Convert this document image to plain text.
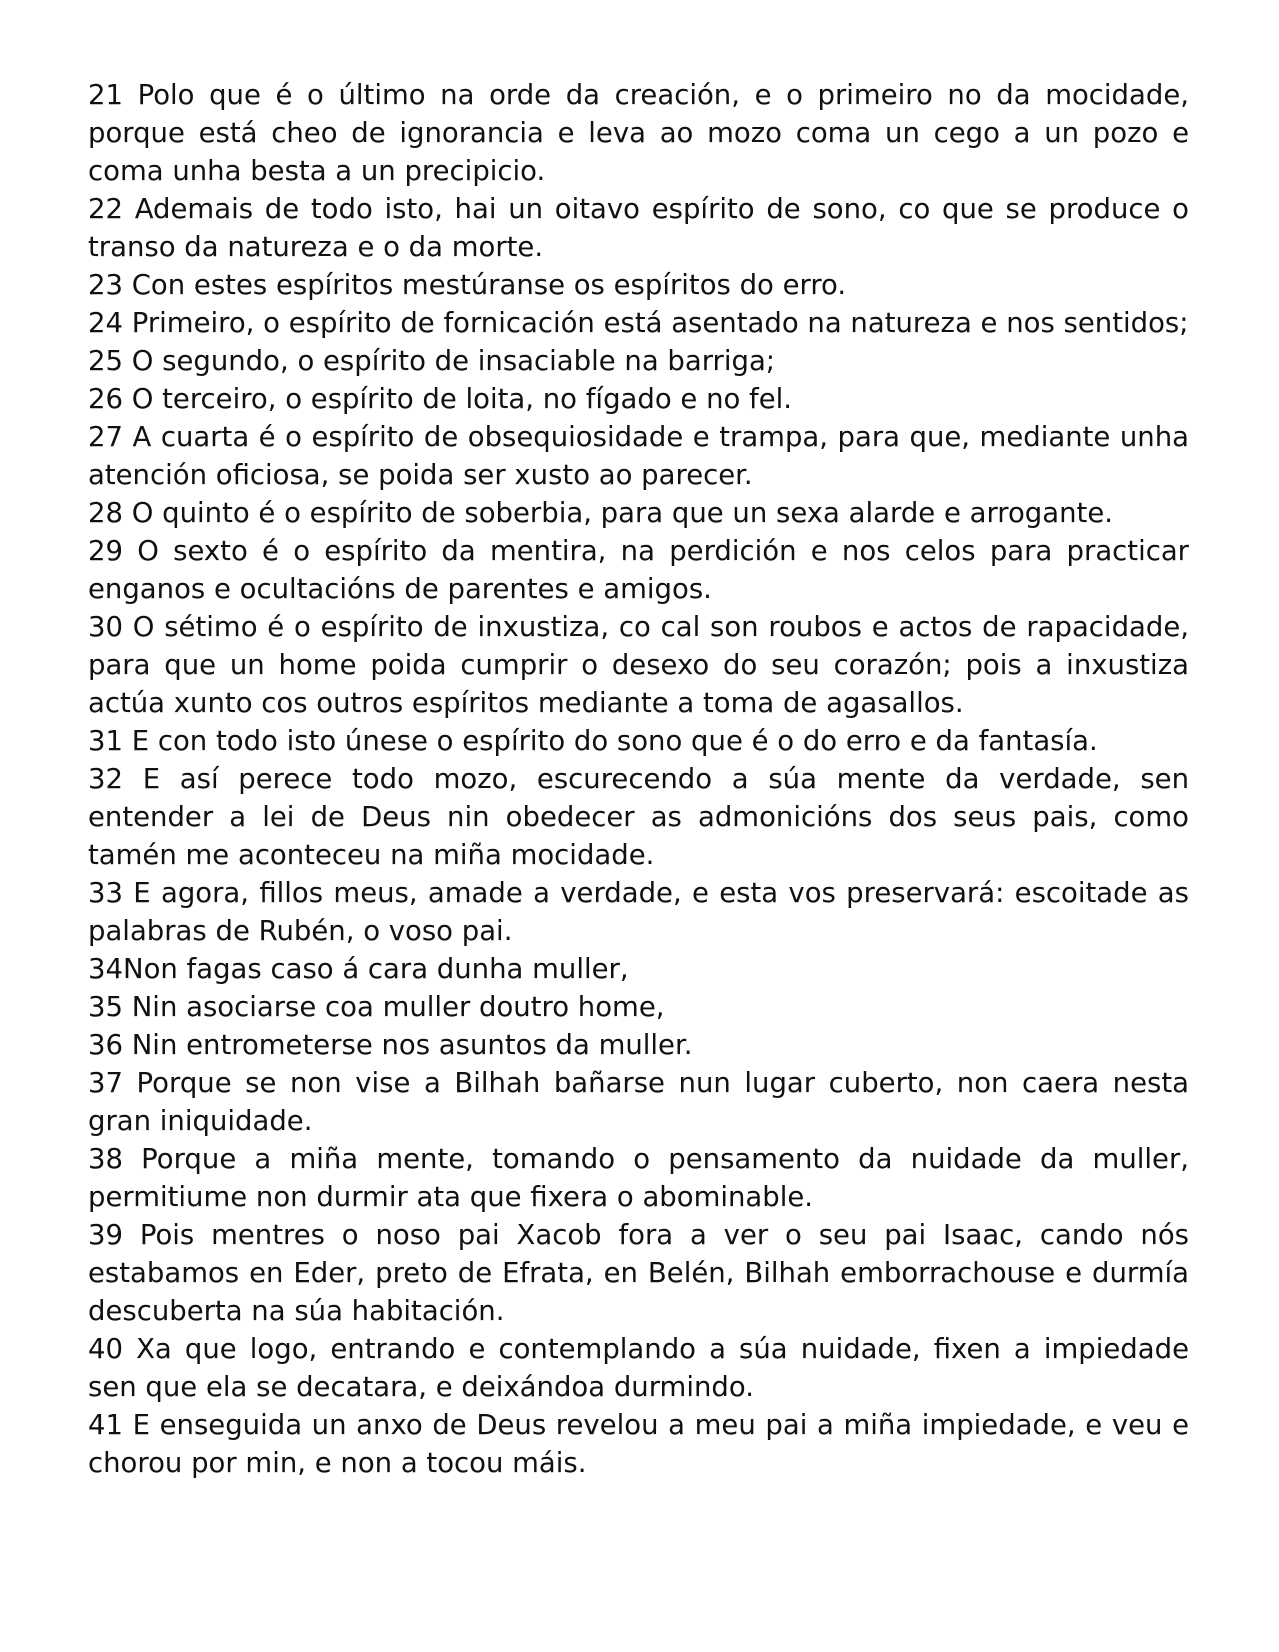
21 Polo que é o último na orde da creación, e o primeiro no da mocidade, porque está cheo de ignorancia e leva ao mozo coma un cego a un pozo e coma unha besta a un precipicio.

22 Ademais de todo isto, hai un oitavo espírito de sono, co que se produce o transo da natureza e o da morte.

23 Con estes espíritos mestúranse os espíritos do erro.

24 Primeiro, o espírito de fornicación está asentado na natureza e nos sentidos;

25 O segundo, o espírito de insaciable na barriga;

26 O terceiro, o espírito de loita, no fígado e no fel.

27 A cuarta é o espírito de obsequiosidade e trampa, para que, mediante unha atención oficiosa, se poida ser xusto ao parecer.

28 O quinto é o espírito de soberbia, para que un sexa alarde e arrogante.

29 O sexto é o espírito da mentira, na perdición e nos celos para practicar enganos e ocultacións de parentes e amigos.

30 O sétimo é o espírito de inxustiza, co cal son roubos e actos de rapacidade, para que un home poida cumprir o desexo do seu corazón; pois a inxustiza actúa xunto cos outros espíritos mediante a toma de agasallos.

31 E con todo isto únese o espírito do sono que é o do erro e da fantasía.

32 E así perece todo mozo, escurecendo a súa mente da verdade, sen entender a lei de Deus nin obedecer as admonicións dos seus pais, como tamén me aconteceu na miña mocidade.

33 E agora, fillos meus, amade a verdade, e esta vos preservará: escoitade as palabras de Rubén, o voso pai.

34Non fagas caso á cara dunha muller,

35 Nin asociarse coa muller doutro home,

36 Nin entrometerse nos asuntos da muller.

37 Porque se non vise a Bilhah bañarse nun lugar cuberto, non caera nesta gran iniquidade.

38 Porque a miña mente, tomando o pensamento da nuidade da muller, permitiume non durmir ata que fixera o abominable.

39 Pois mentres o noso pai Xacob fora a ver o seu pai Isaac, cando nós estabamos en Eder, preto de Efrata, en Belén, Bilhah emborrachouse e durmía descuberta na súa habitación.

40 Xa que logo, entrando e contemplando a súa nuidade, fixen a impiedade sen que ela se decatara, e deixándoa durmindo.

41 E enseguida un anxo de Deus revelou a meu pai a miña impiedade, e veu e chorou por min, e non a tocou máis.
